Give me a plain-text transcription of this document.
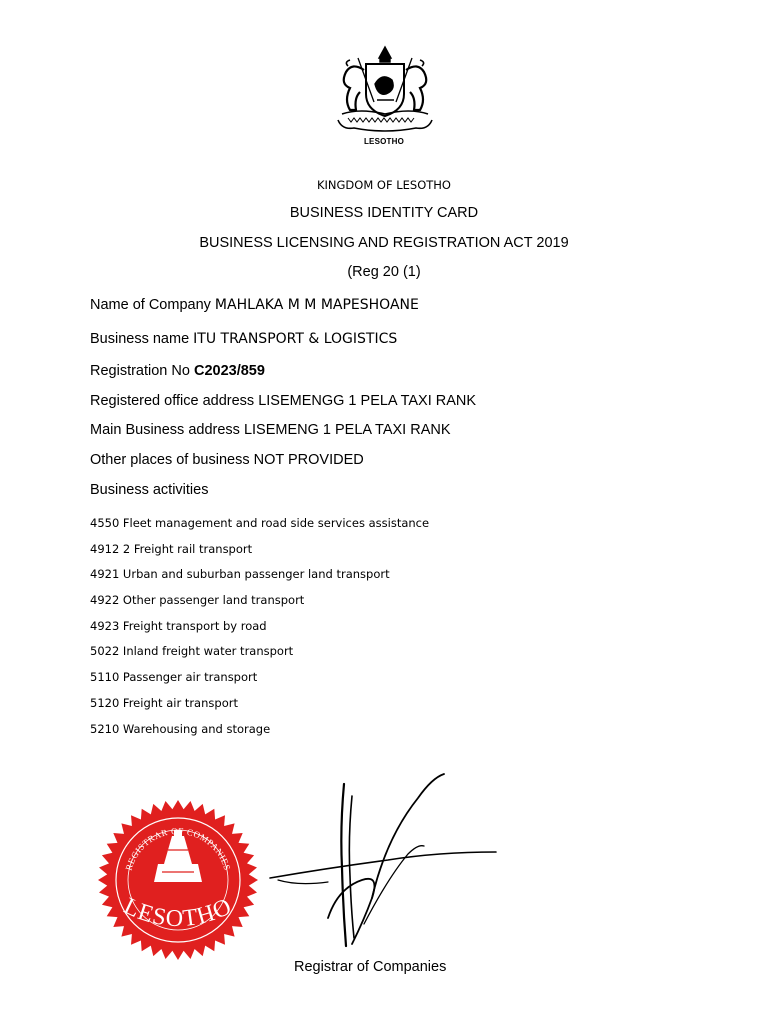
LESOTHO
KINGDOM OF LESOTHO
BUSINESS IDENTITY CARD
BUSINESS LICENSING AND REGISTRATION ACT 2019
(Reg 20 (1)
Name of Company MAHLAKA M M MAPESHOANE
Business name ITU TRANSPORT & LOGISTICS
Registration No C2023/859
Registered office address LISEMENGG 1 PELA TAXI RANK
Main Business address LISEMENG 1 PELA TAXI RANK
Other places of business NOT PROVIDED
Business activities
4550 Fleet management and road side services assistance
4912 2 Freight rail transport
4921 Urban and suburban passenger land transport
4922 Other passenger land transport
4923 Freight transport by road
5022 Inland freight water transport
5110 Passenger air transport
5120 Freight air transport
5210 Warehousing and storage
REGISTRAR OF COMPANIES
LESOTHO
Registrar of Companies
